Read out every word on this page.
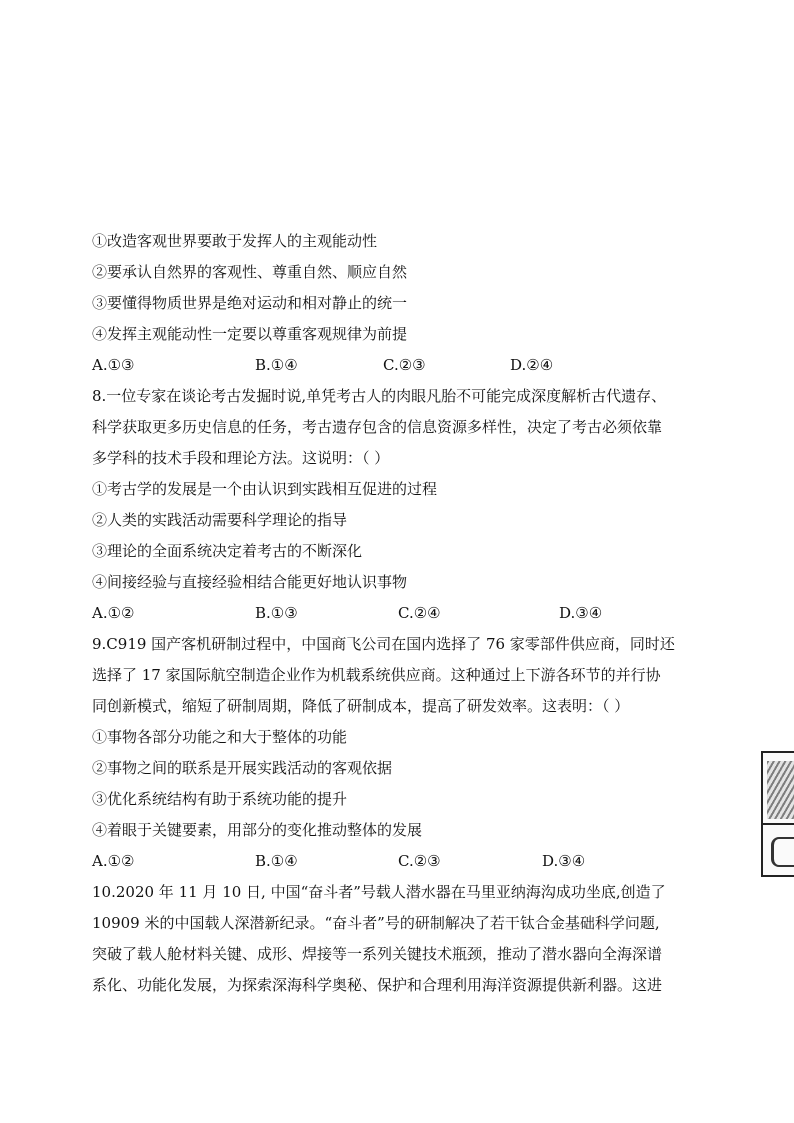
①改造客观世界要敢于发挥人的主观能动性
②要承认自然界的客观性、尊重自然、顺应自然
③要懂得物质世界是绝对运动和相对静止的统一
④发挥主观能动性一定要以尊重客观规律为前提
A.①③	B.①④	C.②③	D.②④
8.一位专家在谈论考古发掘时说,单凭考古人的肉眼凡胎不可能完成深度解析古代遗存、
科学获取更多历史信息的任务，考古遗存包含的信息资源多样性，决定了考古必须依靠
多学科的技术手段和理论方法。这说明：（ ）
①考古学的发展是一个由认识到实践相互促进的过程
②人类的实践活动需要科学理论的指导
③理论的全面系统决定着考古的不断深化
④间接经验与直接经验相结合能更好地认识事物
A.①②	B.①③	C.②④	D.③④
9.C919 国产客机研制过程中，中国商飞公司在国内选择了 76 家零部件供应商，同时还
选择了 17 家国际航空制造企业作为机载系统供应商。这种通过上下游各环节的并行协
同创新模式，缩短了研制周期，降低了研制成本，提高了研发效率。这表明：（ ）
①事物各部分功能之和大于整体的功能
②事物之间的联系是开展实践活动的客观依据
③优化系统结构有助于系统功能的提升
④着眼于关键要素，用部分的变化推动整体的发展
A.①②	B.①④	C.②③	D.③④
10.2020 年 11 月 10 日, 中国“奋斗者”号载人潜水器在马里亚纳海沟成功坐底,创造了
10909 米的中国载人深潜新纪录。“奋斗者”号的研制解决了若干钛合金基础科学问题,
突破了载人舱材料关键、成形、焊接等一系列关键技术瓶颈，推动了潜水器向全海深谱
系化、功能化发展，为探索深海科学奥秘、保护和合理利用海洋资源提供新利器。这进
